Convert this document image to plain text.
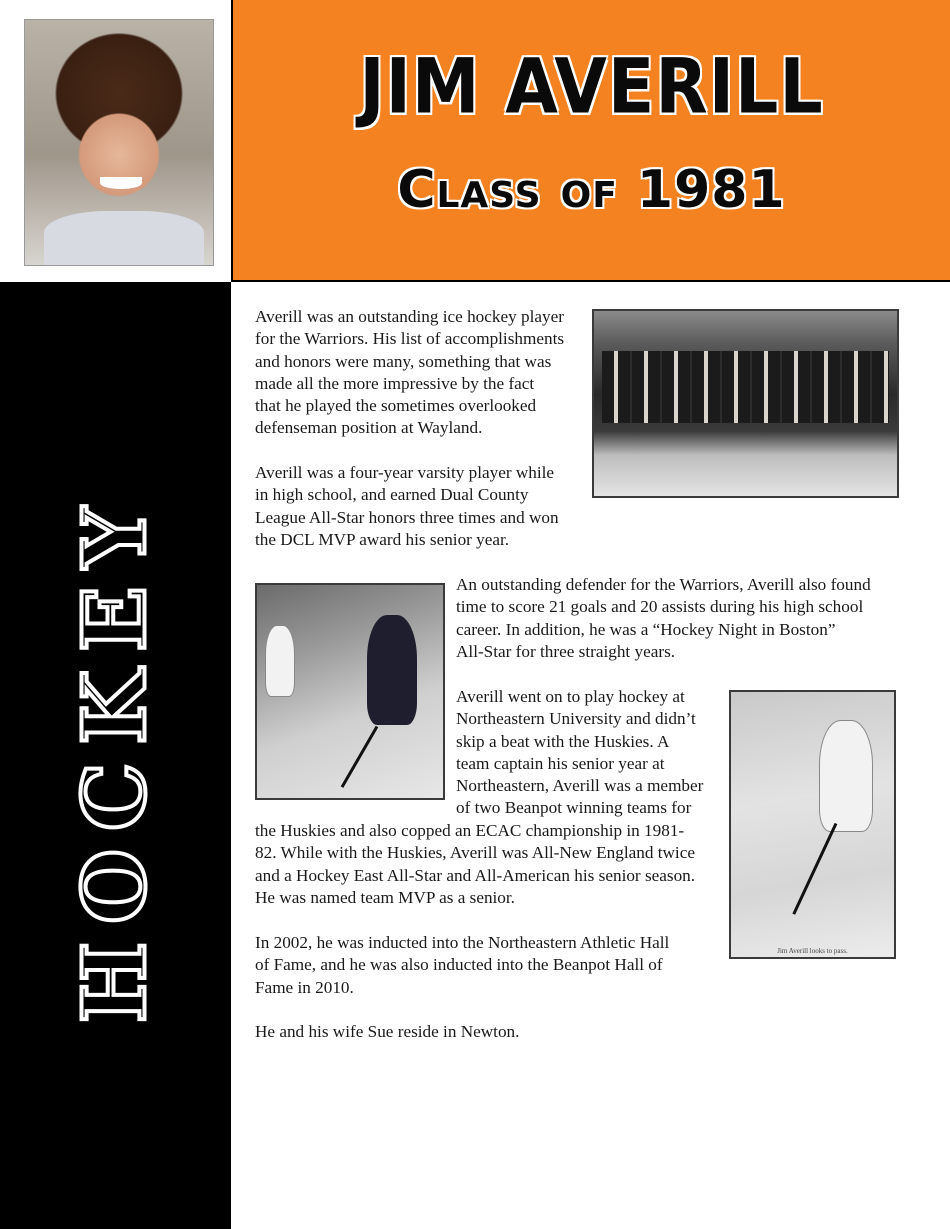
JIM AVERILL
Class of 1981
HOCKEY	Jim Averill looks to pass.
Averill was an outstanding ice hockey player
for the Warriors. His list of accomplishments
and honors were many, something that was
made all the more impressive by the fact
that he played the sometimes overlooked
defenseman position at Wayland.
Averill was a four-year varsity player while
in high school, and earned Dual County
League All-Star honors three times and won
the DCL MVP award his senior year.
An outstanding defender for the Warriors, Averill also found
time to score 21 goals and 20 assists during his high school
career. In addition, he was a “Hockey Night in Boston”
All-Star for three straight years.
Averill went on to play hockey at
Northeastern University and didn’t
skip a beat with the Huskies. A
team captain his senior year at
Northeastern, Averill was a member
of two Beanpot winning teams for
the Huskies and also copped an ECAC championship in 1981-
82. While with the Huskies, Averill was All-New England twice
and a Hockey East All-Star and All-American his senior season.
He was named team MVP as a senior.
In 2002, he was inducted into the Northeastern Athletic Hall
of Fame, and he was also inducted into the Beanpot Hall of
Fame in 2010.
He and his wife Sue reside in Newton.
